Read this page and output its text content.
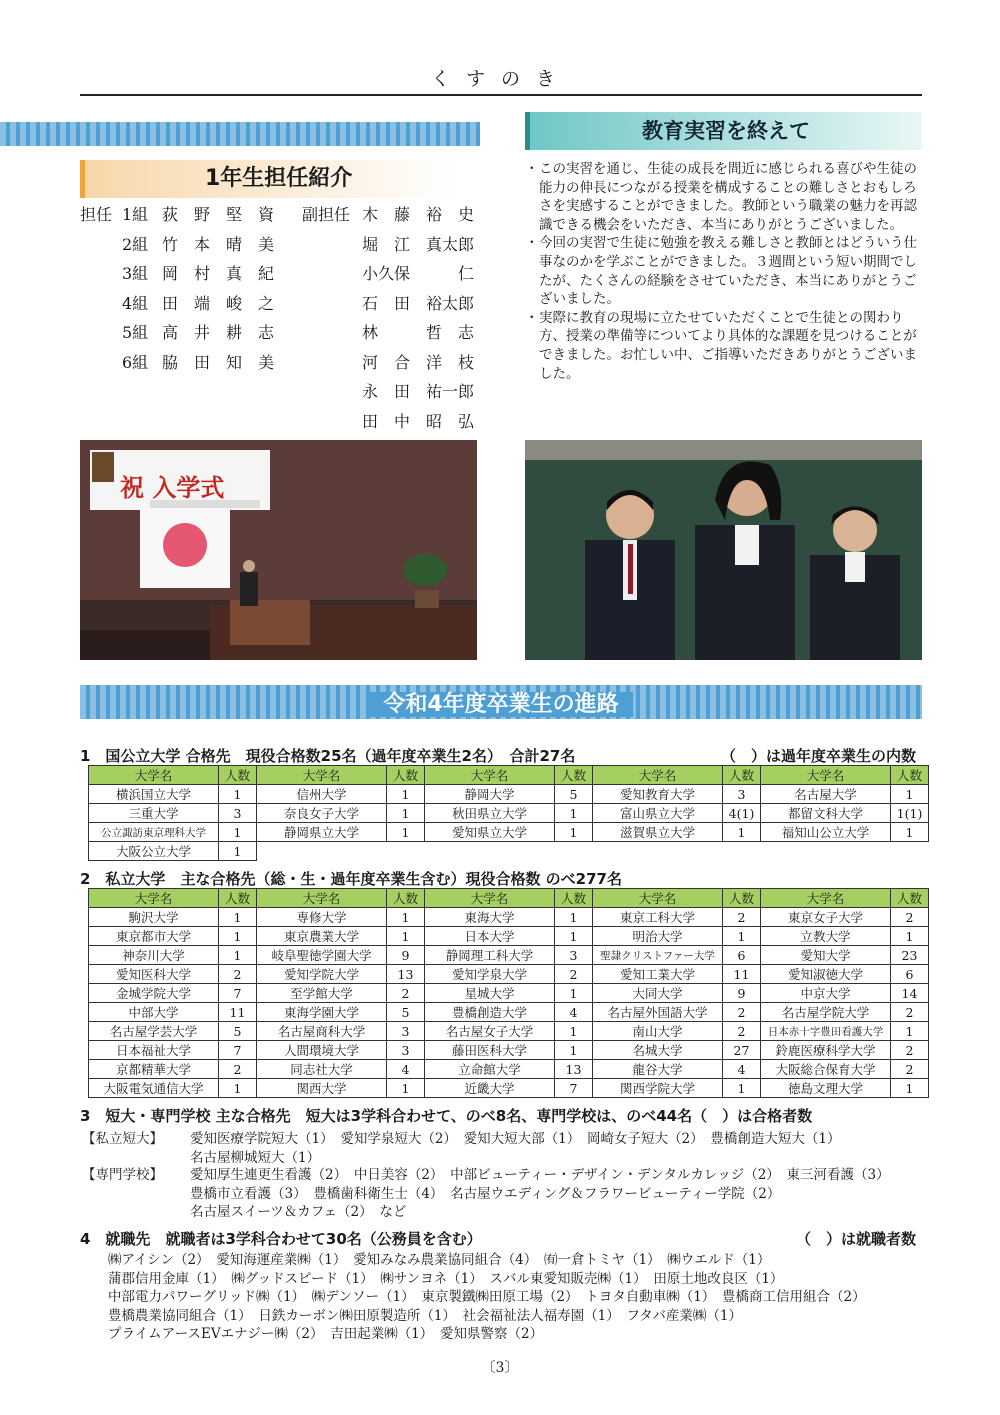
くすのき
1年生担任紹介
担任 1組 荻　野　堅　資 副担任 木　藤　裕　史
2組 竹　本　晴　美	堀　江　真太郎
3組 岡　村　真　紀	小久保　　　仁
4組 田　端　峻　之	石　田　裕太郎
5組 高　井　耕　志	林　　　哲　志
6組 脇　田　知　美	河　合　洋　枝
永　田　祐一郎
田　中　昭　弘
教育実習を終えて
・ この実習を通じ、生徒の成長を間近に感じられる喜びや生徒の能力の伸長につながる授業を構成することの難しさとおもしろさを実感することができました。教師という職業の魅力を再認識できる機会をいただき、本当にありがとうございました。
・ 今回の実習で生徒に勉強を教える難しさと教師とはどういう仕事なのかを学ぶことができました。３週間という短い期間でしたが、たくさんの経験をさせていただき、本当にありがとうございました。
・ 実際に教育の現場に立たせていただくことで生徒との関わり方、授業の準備等についてより具体的な課題を見つけることができました。お忙しい中、ご指導いただきありがとうございました。
祝 入学式
令和4年度卒業生の進路
1　国公立大学 合格先　現役合格数25名（過年度卒業生2名）　合計27名	（　）は過年度卒業生の内数
大学名	人数	大学名	人数	大学名	人数	大学名	人数	大学名	人数
横浜国立大学	1	信州大学	1	静岡大学	5	愛知教育大学	3	名古屋大学	1
三重大学	3	奈良女子大学	1	秋田県立大学	1	富山県立大学	4(1)	都留文科大学	1(1)
公立諏訪東京理科大学	1	静岡県立大学	1	愛知県立大学	1	滋賀県立大学	1	福知山公立大学	1
大阪公立大学	1								
2　私立大学　主な合格先（総・生・過年度卒業生含む）現役合格数 のべ277名
大学名	人数	大学名	人数	大学名	人数	大学名	人数	大学名	人数
駒沢大学	1	専修大学	1	東海大学	1	東京工科大学	2	東京女子大学	2
東京都市大学	1	東京農業大学	1	日本大学	1	明治大学	1	立教大学	1
神奈川大学	1	岐阜聖徳学園大学	9	静岡理工科大学	3	聖隷クリストファー大学	6	愛知大学	23
愛知医科大学	2	愛知学院大学	13	愛知学泉大学	2	愛知工業大学	11	愛知淑徳大学	6
金城学院大学	7	至学館大学	2	星城大学	1	大同大学	9	中京大学	14
中部大学	11	東海学園大学	5	豊橋創造大学	4	名古屋外国語大学	2	名古屋学院大学	2
名古屋学芸大学	5	名古屋商科大学	3	名古屋女子大学	1	南山大学	2	日本赤十字豊田看護大学	1
日本福祉大学	7	人間環境大学	3	藤田医科大学	1	名城大学	27	鈴鹿医療科学大学	2
京都精華大学	2	同志社大学	4	立命館大学	13	龍谷大学	4	大阪総合保育大学	2
大阪電気通信大学	1	関西大学	1	近畿大学	7	関西学院大学	1	徳島文理大学	1
3　短大・専門学校 主な合格先　短大は3学科合わせて、のべ8名、専門学校は、のべ44名（　）は合格者数
【私立短大】 愛知医療学院短大（1）　愛知学泉短大（2）　愛知大短大部（1）　岡崎女子短大（2）　豊橋創造大短大（1）
名古屋柳城短大（1）
【専門学校】 愛知厚生連更生看護（2）　中日美容（2）　中部ビューティー・デザイン・デンタルカレッジ（2）　東三河看護（3）
豊橋市立看護（3）　豊橋歯科衛生士（4）　名古屋ウエディング＆フラワービューティー学院（2）
名古屋スイーツ＆カフェ（2）　など
4　就職先　就職者は3学科合わせて30名（公務員を含む）	（　）は就職者数
㈱アイシン（2）　愛知海運産業㈱（1）　愛知みなみ農業協同組合（4）　㈲一倉トミヤ（1）　㈱ウエルド（1）
蒲郡信用金庫（1）　㈱グッドスピード（1）　㈱サンヨネ（1）　スバル東愛知販売㈱（1）　田原土地改良区（1）
中部電力パワーグリッド㈱（1）　㈱デンソー（1）　東京製鐵㈱田原工場（2）　トヨタ自動車㈱（1）　豊橋商工信用組合（2）
豊橋農業協同組合（1）　日鉄カーボン㈱田原製造所（1）　社会福祉法人福寿園（1）　フタバ産業㈱（1）
プライムアースEVエナジー㈱（2）　吉田起業㈱（1）　愛知県警察（2）
〔3〕
